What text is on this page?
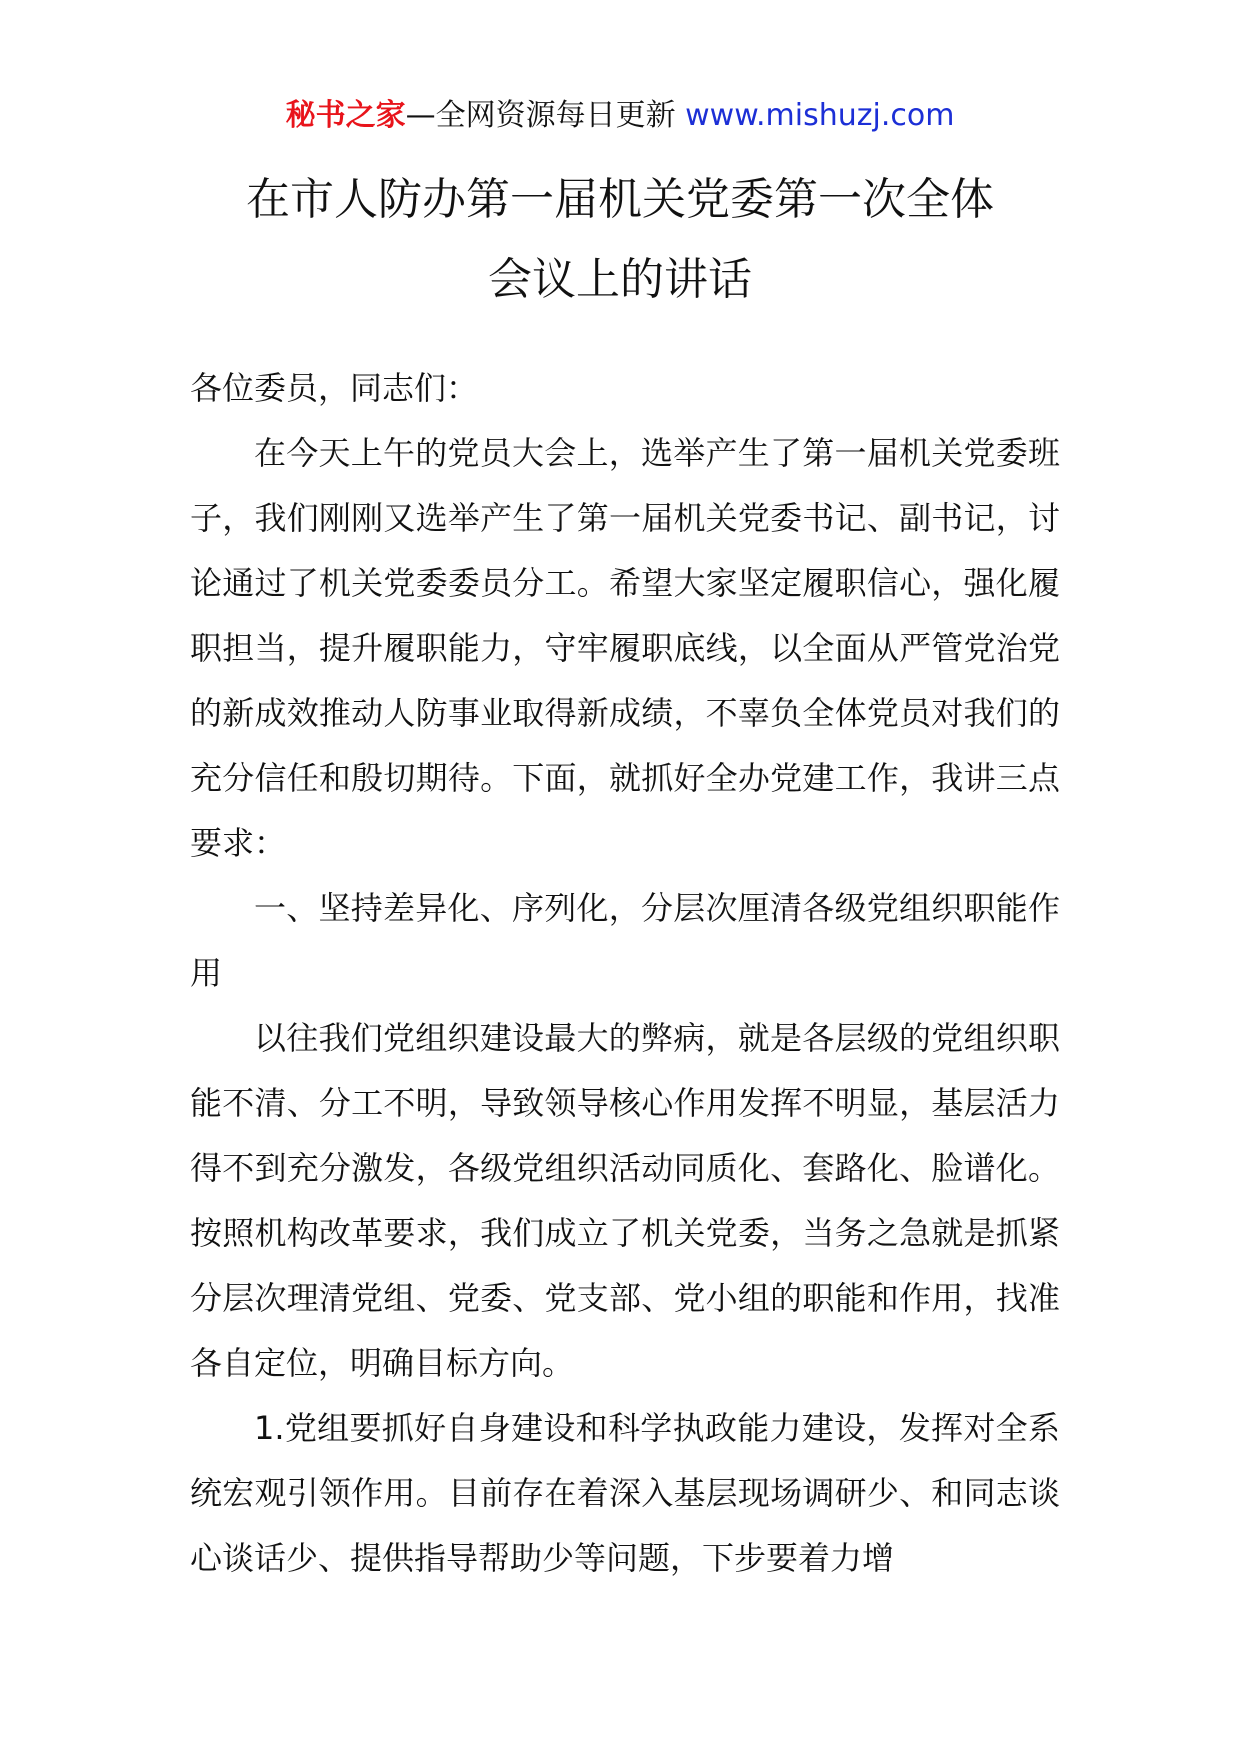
秘书之家—全网资源每日更新 www.mishuzj.com
在市人防办第一届机关党委第一次全体
会议上的讲话

各位委员，同志们：

在今天上午的党员大会上，选举产生了第一届机关党委班子，我们刚刚又选举产生了第一届机关党委书记、副书记，讨论通过了机关党委委员分工。希望大家坚定履职信心，强化履职担当，提升履职能力，守牢履职底线，以全面从严管党治党的新成效推动人防事业取得新成绩，不辜负全体党员对我们的充分信任和殷切期待。下面，就抓好全办党建工作，我讲三点要求：

一、坚持差异化、序列化，分层次厘清各级党组织职能作用

以往我们党组织建设最大的弊病，就是各层级的党组织职能不清、分工不明，导致领导核心作用发挥不明显，基层活力得不到充分激发，各级党组织活动同质化、套路化、脸谱化。按照机构改革要求，我们成立了机关党委，当务之急就是抓紧分层次理清党组、党委、党支部、党小组的职能和作用，找准各自定位，明确目标方向。

1.党组要抓好自身建设和科学执政能力建设，发挥对全系统宏观引领作用。目前存在着深入基层现场调研少、和同志谈心谈话少、提供指导帮助少等问题，下步要着力增
